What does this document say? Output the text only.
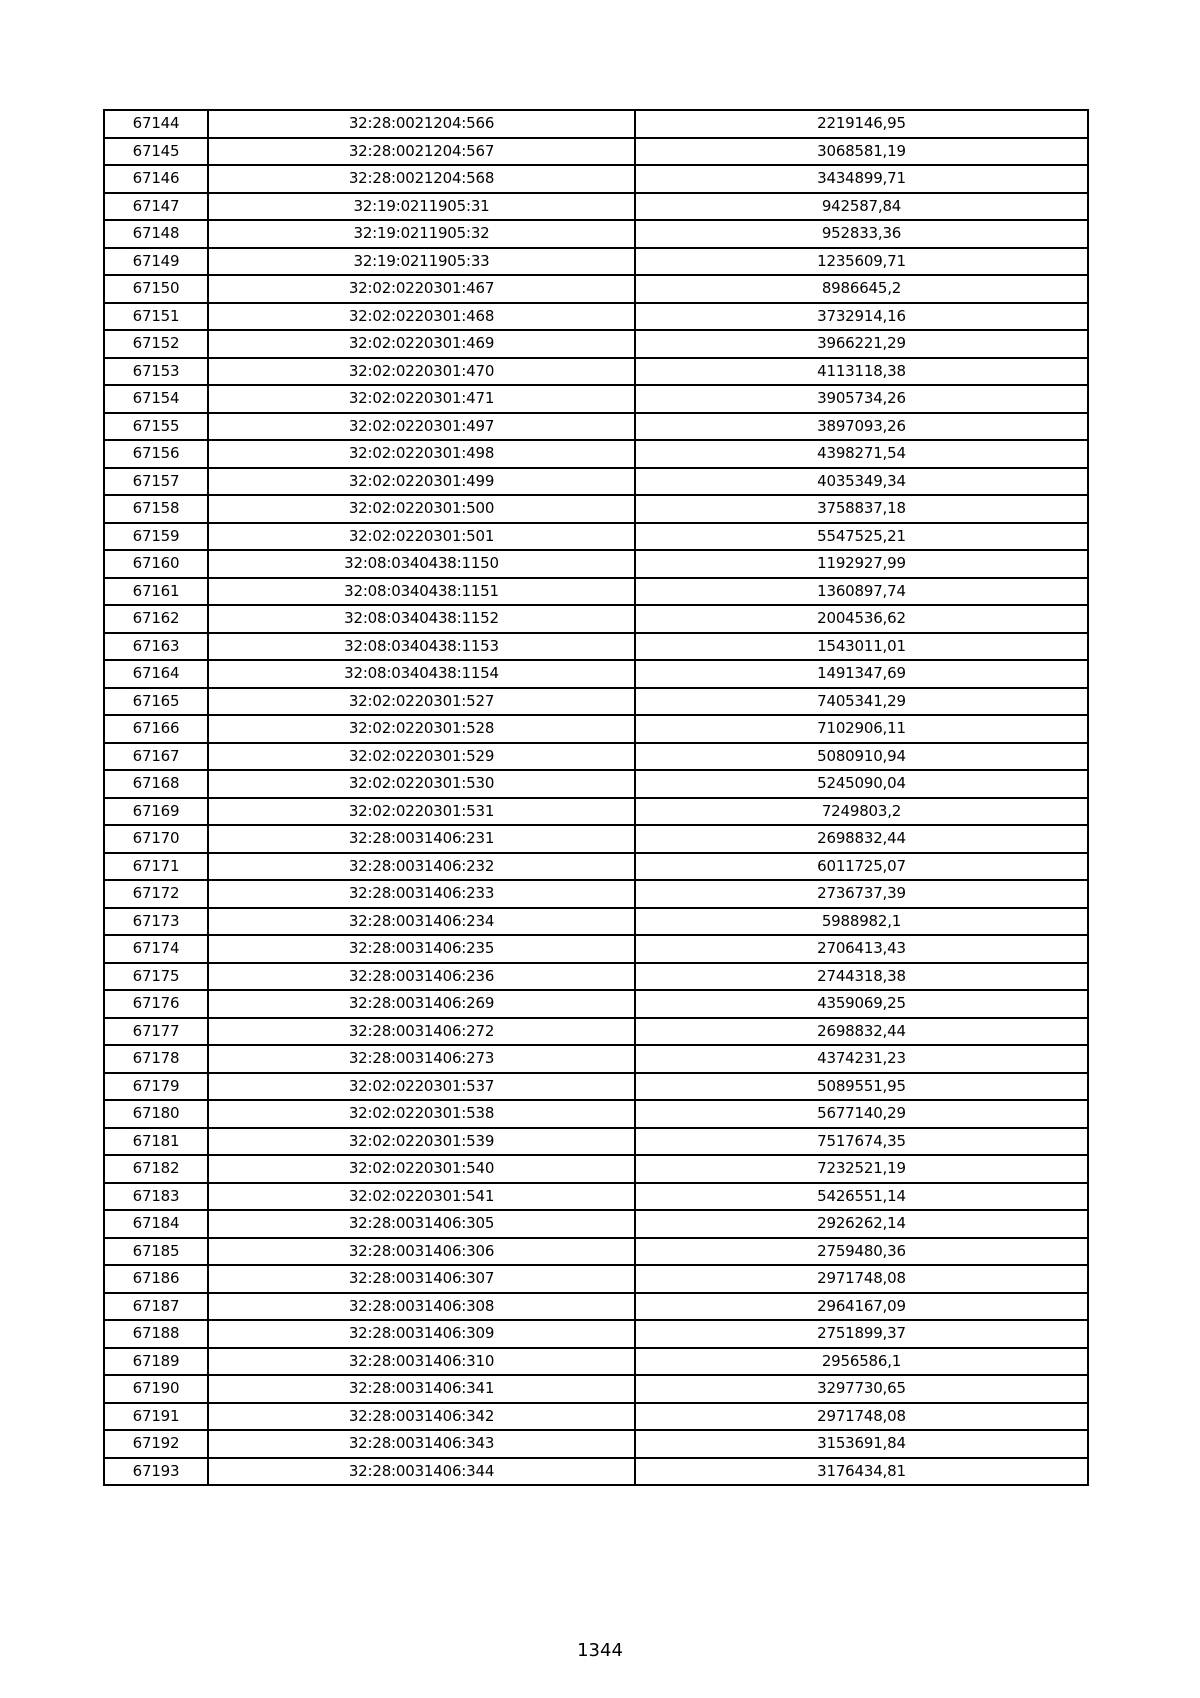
67144	32:28:0021204:566	2219146,95
67145	32:28:0021204:567	3068581,19
67146	32:28:0021204:568	3434899,71
67147	32:19:0211905:31	942587,84
67148	32:19:0211905:32	952833,36
67149	32:19:0211905:33	1235609,71
67150	32:02:0220301:467	8986645,2
67151	32:02:0220301:468	3732914,16
67152	32:02:0220301:469	3966221,29
67153	32:02:0220301:470	4113118,38
67154	32:02:0220301:471	3905734,26
67155	32:02:0220301:497	3897093,26
67156	32:02:0220301:498	4398271,54
67157	32:02:0220301:499	4035349,34
67158	32:02:0220301:500	3758837,18
67159	32:02:0220301:501	5547525,21
67160	32:08:0340438:1150	1192927,99
67161	32:08:0340438:1151	1360897,74
67162	32:08:0340438:1152	2004536,62
67163	32:08:0340438:1153	1543011,01
67164	32:08:0340438:1154	1491347,69
67165	32:02:0220301:527	7405341,29
67166	32:02:0220301:528	7102906,11
67167	32:02:0220301:529	5080910,94
67168	32:02:0220301:530	5245090,04
67169	32:02:0220301:531	7249803,2
67170	32:28:0031406:231	2698832,44
67171	32:28:0031406:232	6011725,07
67172	32:28:0031406:233	2736737,39
67173	32:28:0031406:234	5988982,1
67174	32:28:0031406:235	2706413,43
67175	32:28:0031406:236	2744318,38
67176	32:28:0031406:269	4359069,25
67177	32:28:0031406:272	2698832,44
67178	32:28:0031406:273	4374231,23
67179	32:02:0220301:537	5089551,95
67180	32:02:0220301:538	5677140,29
67181	32:02:0220301:539	7517674,35
67182	32:02:0220301:540	7232521,19
67183	32:02:0220301:541	5426551,14
67184	32:28:0031406:305	2926262,14
67185	32:28:0031406:306	2759480,36
67186	32:28:0031406:307	2971748,08
67187	32:28:0031406:308	2964167,09
67188	32:28:0031406:309	2751899,37
67189	32:28:0031406:310	2956586,1
67190	32:28:0031406:341	3297730,65
67191	32:28:0031406:342	2971748,08
67192	32:28:0031406:343	3153691,84
67193	32:28:0031406:344	3176434,81
1344
